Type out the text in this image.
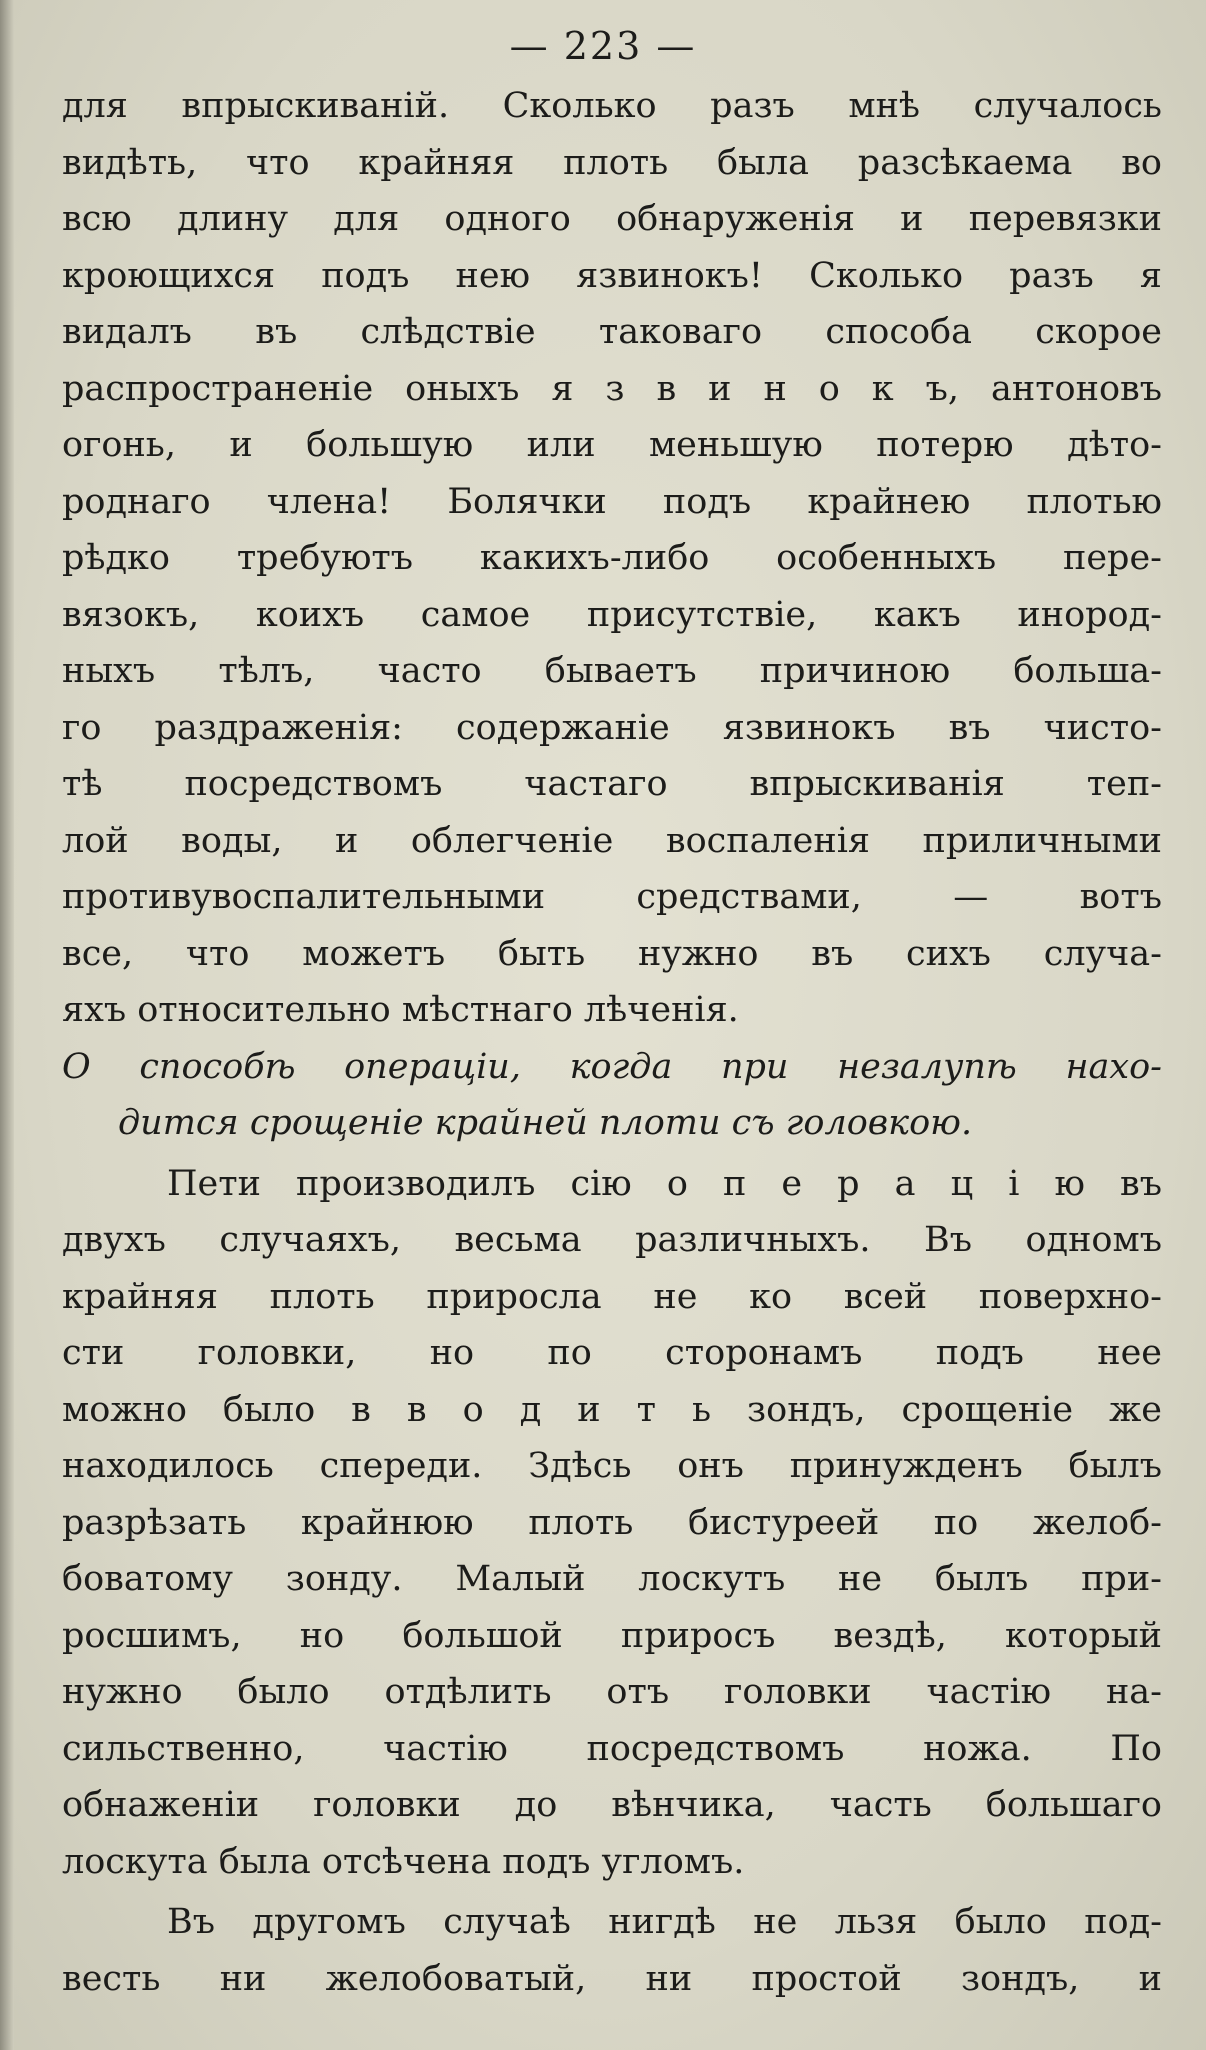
— 223 —
для впрыскиваній. Сколько разъ мнѣ случалось
видѣть, что крайняя плоть была разсѣкаема во
всю длину для одного обнаруженія и перевязки
кроющихся подъ нею язвинокъ! Сколько разъ я
видалъ въ слѣдствіе таковаго способа скорое
распространеніе оныхъ я з в и н о к ъ, антоновъ
огонь, и большую или меньшую потерю дѣто-
роднаго члена! Болячки подъ крайнею плотью
рѣдко требуютъ какихъ-либо особенныхъ пере-
вязокъ, коихъ самое присутствіе, какъ инород-
ныхъ тѣлъ, часто бываетъ причиною большa-
го раздраженія: содержаніе язвинокъ въ чисто-
тѣ посредствомъ частаго впрыскиванія теп-
лой воды, и облегченіе воспаленія приличными
противувоспалительными средствами, — вотъ
все, что можетъ быть нужно въ сихъ случа-
яхъ относительно мѣстнаго лѣченія.
О способѣ операціи, когда при незалупѣ нахо-
дится срощеніе крайней плоти съ головкою.
Пети производилъ сію о п е р а ц і ю въ
двухъ случаяхъ, весьма различныхъ. Въ одномъ
крайняя плоть приросла не ко всей поверхно-
сти головки, но по сторонамъ подъ нее
можно было в в о д и т ь зондъ, срощеніе же
находилось спереди. Здѣсь онъ принужденъ былъ
разрѣзать крайнюю плоть бистуреей по желоб-
боватому зонду. Малый лоскутъ не былъ при-
росшимъ, но большой приросъ вездѣ, который
нужно было отдѣлить отъ головки частію на-
сильственно, частію посредствомъ ножа. По
обнаженіи головки до вѣнчика, часть большаго
лоскута была отсѣчена подъ угломъ.
Въ другомъ случаѣ нигдѣ не льзя было под-
весть ни желобоватый, ни простой зондъ, и
